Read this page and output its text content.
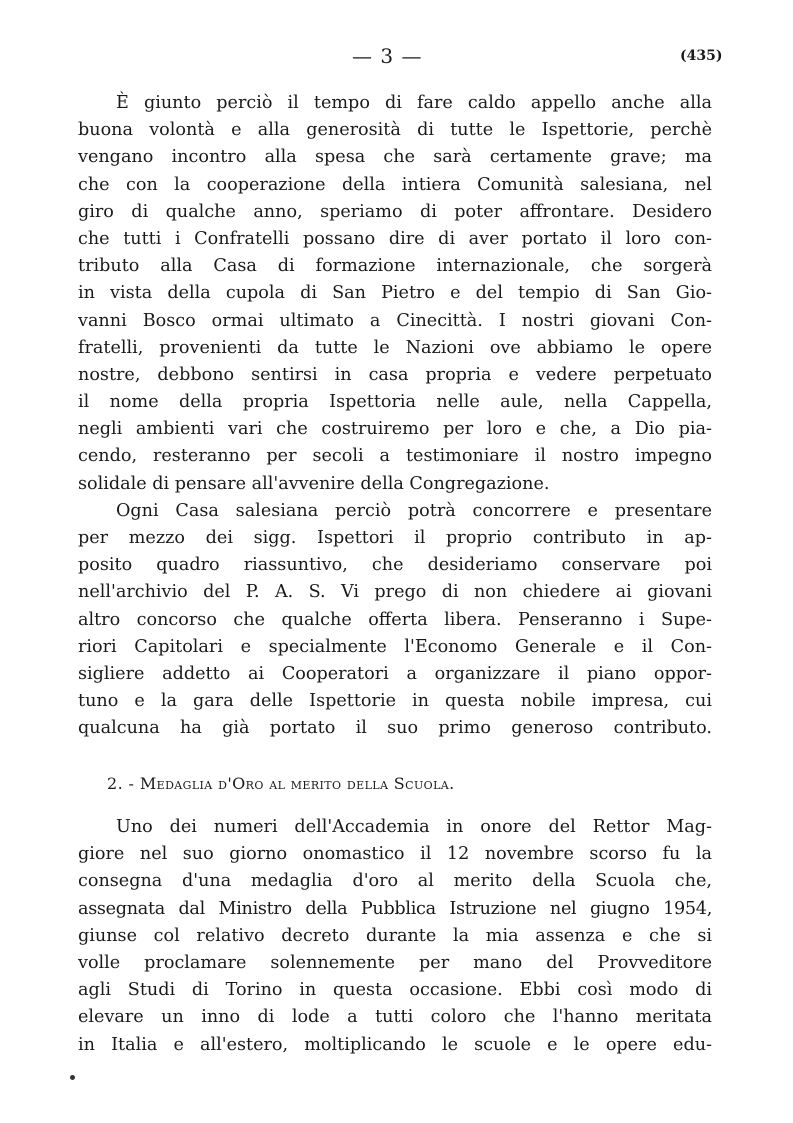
— 3 —	(435)
È giunto perciò il tempo di fare caldo appello anche alla
buona volontà e alla generosità di tutte le Ispettorie, perchè
vengano incontro alla spesa che sarà certamente grave; ma
che con la cooperazione della intiera Comunità salesiana, nel
giro di qualche anno, speriamo di poter affrontare. Desidero
che tutti i Confratelli possano dire di aver portato il loro con-
tributo alla Casa di formazione internazionale, che sorgerà
in vista della cupola di San Pietro e del tempio di San Gio-
vanni Bosco ormai ultimato a Cinecittà. I nostri giovani Con-
fratelli, provenienti da tutte le Nazioni ove abbiamo le opere
nostre, debbono sentirsi in casa propria e vedere perpetuato
il nome della propria Ispettoria nelle aule, nella Cappella,
negli ambienti vari che costruiremo per loro e che, a Dio pia-
cendo, resteranno per secoli a testimoniare il nostro impegno
solidale di pensare all'avvenire della Congregazione.
Ogni Casa salesiana perciò potrà concorrere e presentare
per mezzo dei sigg. Ispettori il proprio contributo in ap-
posito quadro riassuntivo, che desideriamo conservare poi
nell'archivio del P. A. S. Vi prego di non chiedere ai giovani
altro concorso che qualche offerta libera. Penseranno i Supe-
riori Capitolari e specialmente l'Economo Generale e il Con-
sigliere addetto ai Cooperatori a organizzare il piano oppor-
tuno e la gara delle Ispettorie in questa nobile impresa, cui
qualcuna ha già portato il suo primo generoso contributo.
2. - Medaglia d'Oro al merito della Scuola.
Uno dei numeri dell'Accademia in onore del Rettor Mag-
giore nel suo giorno onomastico il 12 novembre scorso fu la
consegna d'una medaglia d'oro al merito della Scuola che,
assegnata dal Ministro della Pubblica Istruzione nel giugno 1954,
giunse col relativo decreto durante la mia assenza e che si
volle proclamare solennemente per mano del Provveditore
agli Studi di Torino in questa occasione. Ebbi così modo di
elevare un inno di lode a tutti coloro che l'hanno meritata
in Italia e all'estero, moltiplicando le scuole e le opere edu-
